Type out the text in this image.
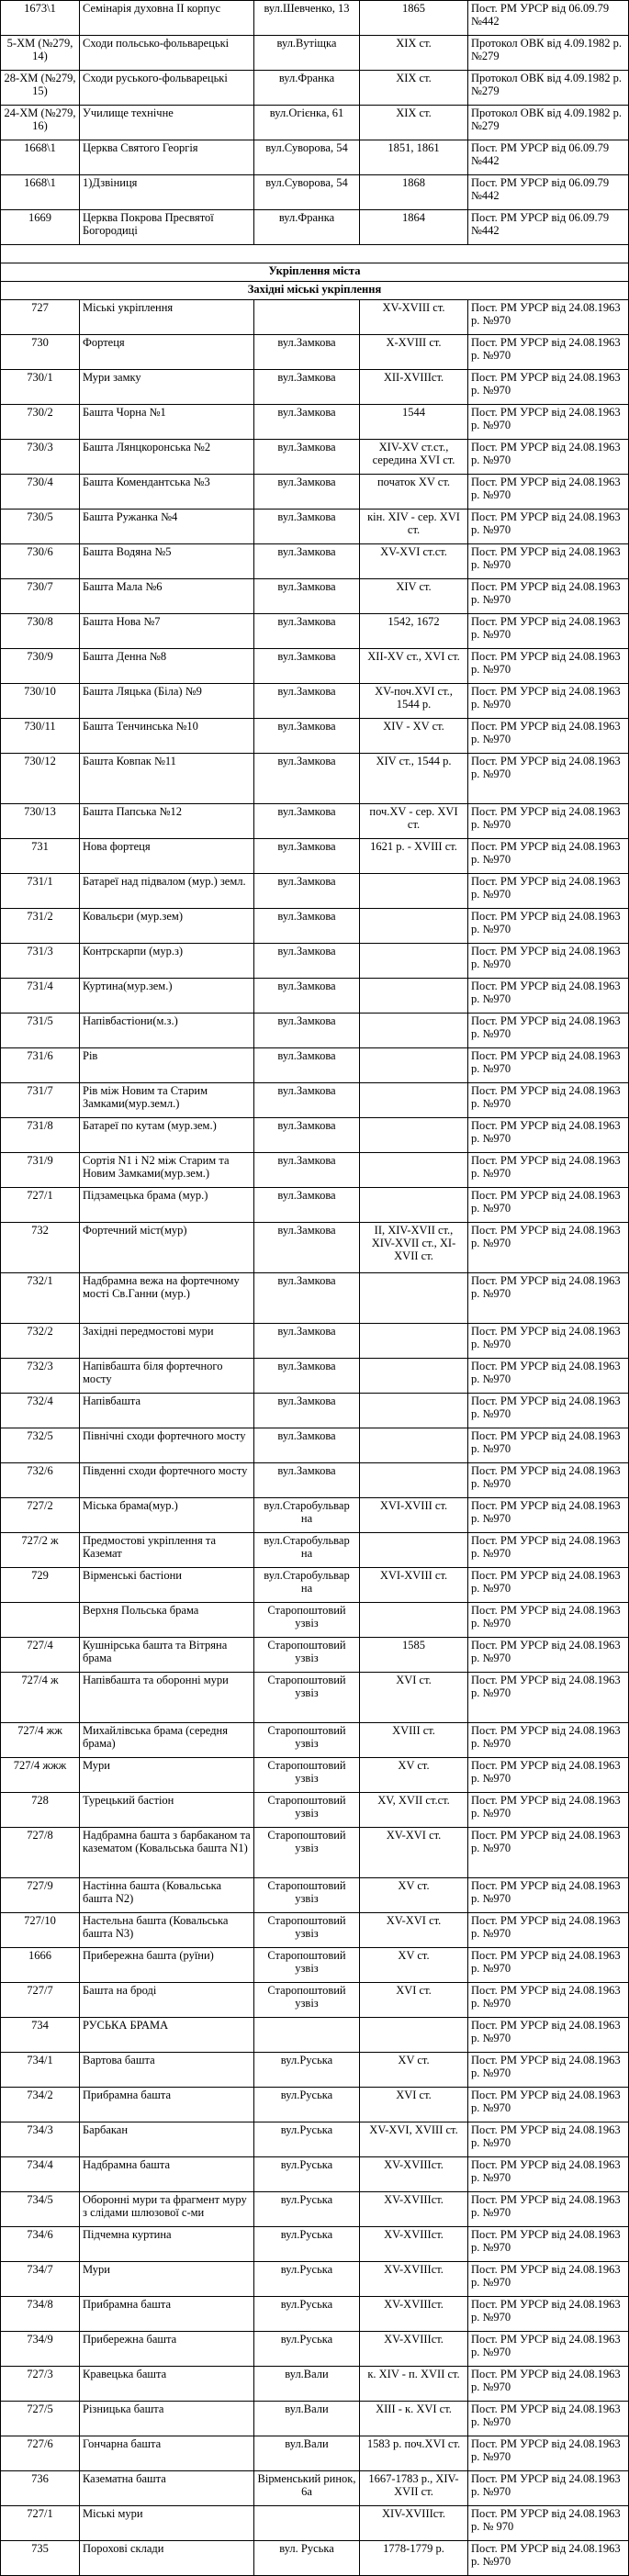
1673\1	Семінарія духовна ІІ корпус	вул.Шевченко, 13	1865	Пост. РМ УРСР від 06.09.79 №442
5-ХМ (№279, 14)	Сходи польсько-фольварецькі	вул.Вутіщка	ХІХ ст.	Протокол ОВК від 4.09.1982 р. №279
28-ХМ (№279, 15)	Сходи руського-фольварецькі	вул.Франка	ХІХ ст.	Протокол ОВК від 4.09.1982 р. №279
24-ХМ (№279, 16)	Училище технічне	вул.Огієнка, 61	ХІХ ст.	Протокол ОВК від 4.09.1982 р. №279
1668\1	Церква Святого Георгія	вул.Суворова, 54	1851, 1861	Пост. РМ УРСР від 06.09.79 №442
1668\1	1)Дзвіниця	вул.Суворова, 54	1868	Пост. РМ УРСР від 06.09.79 №442
1669	Церква Покрова Пресвятої Богородиці	вул.Франка	1864	Пост. РМ УРСР від 06.09.79 №442

Укріплення міста				
Західні міські укріплення				
727	Міські укріплення		XV-XVIII ст.	Пост. РМ УРСР від 24.08.1963 р. №970
730	Фортеця	вул.Замкова	X-XVIII ст.	Пост. РМ УРСР від 24.08.1963 р. №970
730/1	Мури замку	вул.Замкова	XII-XVIIIст.	Пост. РМ УРСР від 24.08.1963 р. №970
730/2	Башта Чорна №1	вул.Замкова	1544	Пост. РМ УРСР від 24.08.1963 р. №970
730/3	Башта Лянцкоронська №2	вул.Замкова	XIV-XV ст.ст., середина XVI ст.	Пост. РМ УРСР від 24.08.1963 р. №970
730/4	Башта Комендантська №3	вул.Замкова	початок XV ст.	Пост. РМ УРСР від 24.08.1963 р. №970
730/5	Башта Ружанка №4	вул.Замкова	кін. XIV - сер. XVI ст.	Пост. РМ УРСР від 24.08.1963 р. №970
730/6	Башта Водяна №5	вул.Замкова	XV-XVI ст.ст.	Пост. РМ УРСР від 24.08.1963 р. №970
730/7	Башта Мала №6	вул.Замкова	XIV ст.	Пост. РМ УРСР від 24.08.1963 р. №970
730/8	Башта Нова №7	вул.Замкова	1542, 1672	Пост. РМ УРСР від 24.08.1963 р. №970
730/9	Башта Денна №8	вул.Замкова	XII-XV ст., XVI ст.	Пост. РМ УРСР від 24.08.1963 р. №970
730/10	Башта Ляцька (Біла) №9	вул.Замкова	XV-поч.XVI ст., 1544 р.	Пост. РМ УРСР від 24.08.1963 р. №970
730/11	Башта Тенчинська №10	вул.Замкова	XIV - XV ст.	Пост. РМ УРСР від 24.08.1963 р. №970
730/12	Башта Ковпак №11	вул.Замкова	XIV ст., 1544 р.	Пост. РМ УРСР від 24.08.1963 р. №970
730/13	Башта Папська №12	вул.Замкова	поч.XV - сер. XVI ст.	Пост. РМ УРСР від 24.08.1963 р. №970
731	Нова фортеця	вул.Замкова	1621 р. - XVIII ст.	Пост. РМ УРСР від 24.08.1963 р. №970
731/1	Батареї над підвалом (мур.) земл.	вул.Замкова		Пост. РМ УРСР від 24.08.1963 р. №970
731/2	Ковальєри (мур.зем)	вул.Замкова		Пост. РМ УРСР від 24.08.1963 р. №970
731/3	Контрскарпи (мур.з)	вул.Замкова		Пост. РМ УРСР від 24.08.1963 р. №970
731/4	Куртина(мур.зем.)	вул.Замкова		Пост. РМ УРСР від 24.08.1963 р. №970
731/5	Напівбастіони(м.з.)	вул.Замкова		Пост. РМ УРСР від 24.08.1963 р. №970
731/6	Рів	вул.Замкова		Пост. РМ УРСР від 24.08.1963 р. №970
731/7	Рів між Новим та Старим Замками(мур.земл.)	вул.Замкова		Пост. РМ УРСР від 24.08.1963 р. №970
731/8	Батареї по кутам (мур.зем.)	вул.Замкова		Пост. РМ УРСР від 24.08.1963 р. №970
731/9	Сортія N1 і N2 між Старим та Новим Замками(мур.зем.)	вул.Замкова		Пост. РМ УРСР від 24.08.1963 р. №970
727/1	Підзамецька брама (мур.)	вул.Замкова		Пост. РМ УРСР від 24.08.1963 р. №970
732	Фортечний міст(мур)	вул.Замкова	II, XIV-XVII ст., XIV-XVII ст., XI-XVII ст.	Пост. РМ УРСР від 24.08.1963 р. №970
732/1	Надбрамна вежа на фортечному мості Св.Ганни (мур.)	вул.Замкова		Пост. РМ УРСР від 24.08.1963 р. №970
732/2	Західні передмостові мури	вул.Замкова		Пост. РМ УРСР від 24.08.1963 р. №970
732/3	Напівбашта біля фортечного мосту	вул.Замкова		Пост. РМ УРСР від 24.08.1963 р. №970
732/4	Напівбашта	вул.Замкова		Пост. РМ УРСР від 24.08.1963 р. №970
732/5	Північні сходи фортечного мосту	вул.Замкова		Пост. РМ УРСР від 24.08.1963 р. №970
732/6	Південні сходи фортечного мосту	вул.Замкова		Пост. РМ УРСР від 24.08.1963 р. №970
727/2	Міська брама(мур.)	вул.Старобульвар на	XVI-XVIII ст.	Пост. РМ УРСР від 24.08.1963 р. №970
727/2 ж	Предмостові укріплення та Каземат	вул.Старобульвар на		Пост. РМ УРСР від 24.08.1963 р. №970
729	Вірменські бастіони	вул.Старобульвар на	XVI-XVIII ст.	Пост. РМ УРСР від 24.08.1963 р. №970
	Верхня Польська брама	Старопоштовий узвіз		Пост. РМ УРСР від 24.08.1963 р. №970
727/4	Кушнірська башта та Вітряна брама	Старопоштовий узвіз	1585	Пост. РМ УРСР від 24.08.1963 р. №970
727/4 ж	Напівбашта та оборонні мури	Старопоштовий узвіз	XVI ст.	Пост. РМ УРСР від 24.08.1963 р. №970
727/4 жж	Михайлівська брама (середня брама)	Старопоштовий узвіз	XVIII ст.	Пост. РМ УРСР від 24.08.1963 р. №970
727/4 жжж	Мури	Старопоштовий узвіз	XV ст.	Пост. РМ УРСР від 24.08.1963 р. №970
728	Турецький бастіон	Старопоштовий узвіз	XV, XVII ст.ст.	Пост. РМ УРСР від 24.08.1963 р. №970
727/8	Надбрамна башта з барбаканом та казематом (Ковальська башта N1)	Старопоштовий узвіз	XV-XVI ст.	Пост. РМ УРСР від 24.08.1963 р. №970
727/9	Настінна башта (Ковальська башта N2)	Старопоштовий узвіз	XV ст.	Пост. РМ УРСР від 24.08.1963 р. №970
727/10	Настельна башта (Ковальська башта N3)	Старопоштовий узвіз	XV-XVI ст.	Пост. РМ УРСР від 24.08.1963 р. №970
1666	Прибережна башта (руїни)	Старопоштовий узвіз	XV ст.	Пост. РМ УРСР від 24.08.1963 р. №970
727/7	Башта на броді	Старопоштовий узвіз	XVI ст.	Пост. РМ УРСР від 24.08.1963 р. №970
734	РУСЬКА БРАМА			Пост. РМ УРСР від 24.08.1963 р. №970
734/1	Вартова башта	вул.Руська	XV ст.	Пост. РМ УРСР від 24.08.1963 р. №970
734/2	Прибрамна башта	вул.Руська	XVI ст.	Пост. РМ УРСР від 24.08.1963 р. №970
734/3	Барбакан	вул.Руська	XV-XVI, XVIII ст.	Пост. РМ УРСР від 24.08.1963 р. №970
734/4	Надбрамна башта	вул.Руська	XV-XVIIIст.	Пост. РМ УРСР від 24.08.1963 р. №970
734/5	Оборонні мури та фрагмент муру з слідами шлюзової с-ми	вул.Руська	XV-XVIIIст.	Пост. РМ УРСР від 24.08.1963 р. №970
734/6	Підчемна куртина	вул.Руська	XV-XVIIIст.	Пост. РМ УРСР від 24.08.1963 р. №970
734/7	Мури	вул.Руська	XV-XVIIIст.	Пост. РМ УРСР від 24.08.1963 р. №970
734/8	Прибрамна башта	вул.Руська	XV-XVIIIст.	Пост. РМ УРСР від 24.08.1963 р. №970
734/9	Прибережна башта	вул.Руська	XV-XVIIIст.	Пост. РМ УРСР від 24.08.1963 р. №970
727/3	Кравецька башта	вул.Вали	к. XIV - п. XVII ст.	Пост. РМ УРСР від 24.08.1963 р. №970
727/5	Різницька башта	вул.Вали	XIII - к. XVI ст.	Пост. РМ УРСР від 24.08.1963 р. №970
727/6	Гончарна башта	вул.Вали	1583 р. поч.XVI ст.	Пост. РМ УРСР від 24.08.1963 р. №970
736	Казематна башта	Вірменський ринок, 6а	1667-1783 р., XIV-XVII ст.	Пост. РМ УРСР від 24.08.1963 р. №970
727/1	Міські мури		XIV-XVIIIст.	Пост. РМ УРСР від 24.08.1963 р. № 970
735	Порохові склади	вул. Руська	1778-1779 р.	Пост. РМ УРСР від 24.08.1963 р. №970
